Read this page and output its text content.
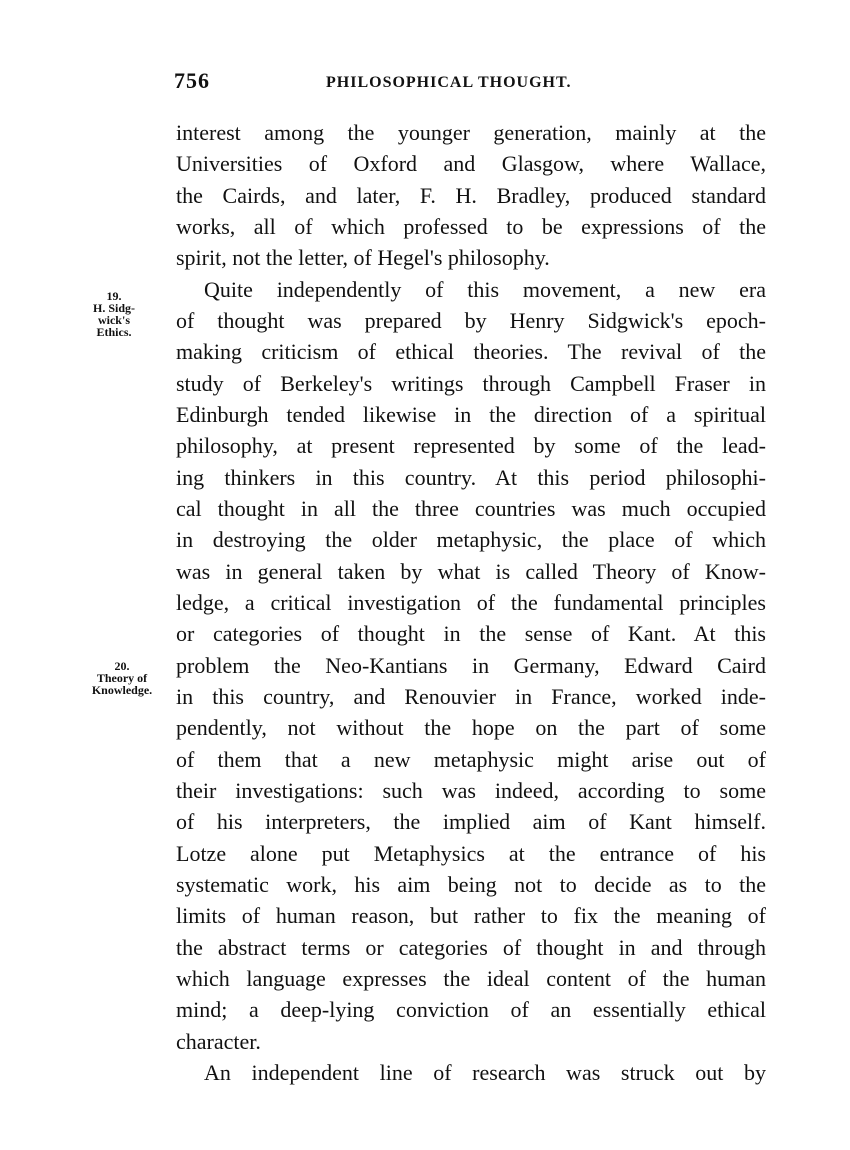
756	PHILOSOPHICAL THOUGHT.
19.
H. Sidg-
wick's
Ethics.
20.
Theory of
Knowledge.
interest among the younger generation, mainly at the
Universities of Oxford and Glasgow, where Wallace,
the Cairds, and later, F. H. Bradley, produced standard
works, all of which professed to be expressions of the
spirit, not the letter, of Hegel's philosophy.
Quite independently of this movement, a new era
of thought was prepared by Henry Sidgwick's epoch-
making criticism of ethical theories. The revival of the
study of Berkeley's writings through Campbell Fraser in
Edinburgh tended likewise in the direction of a spiritual
philosophy, at present represented by some of the lead-
ing thinkers in this country. At this period philosophi-
cal thought in all the three countries was much occupied
in destroying the older metaphysic, the place of which
was in general taken by what is called Theory of Know-
ledge, a critical investigation of the fundamental principles
or categories of thought in the sense of Kant. At this
problem the Neo-Kantians in Germany, Edward Caird
in this country, and Renouvier in France, worked inde-
pendently, not without the hope on the part of some
of them that a new metaphysic might arise out of
their investigations: such was indeed, according to some
of his interpreters, the implied aim of Kant himself.
Lotze alone put Metaphysics at the entrance of his
systematic work, his aim being not to decide as to the
limits of human reason, but rather to fix the meaning of
the abstract terms or categories of thought in and through
which language expresses the ideal content of the human
mind; a deep-lying conviction of an essentially ethical
character.
An independent line of research was struck out by
